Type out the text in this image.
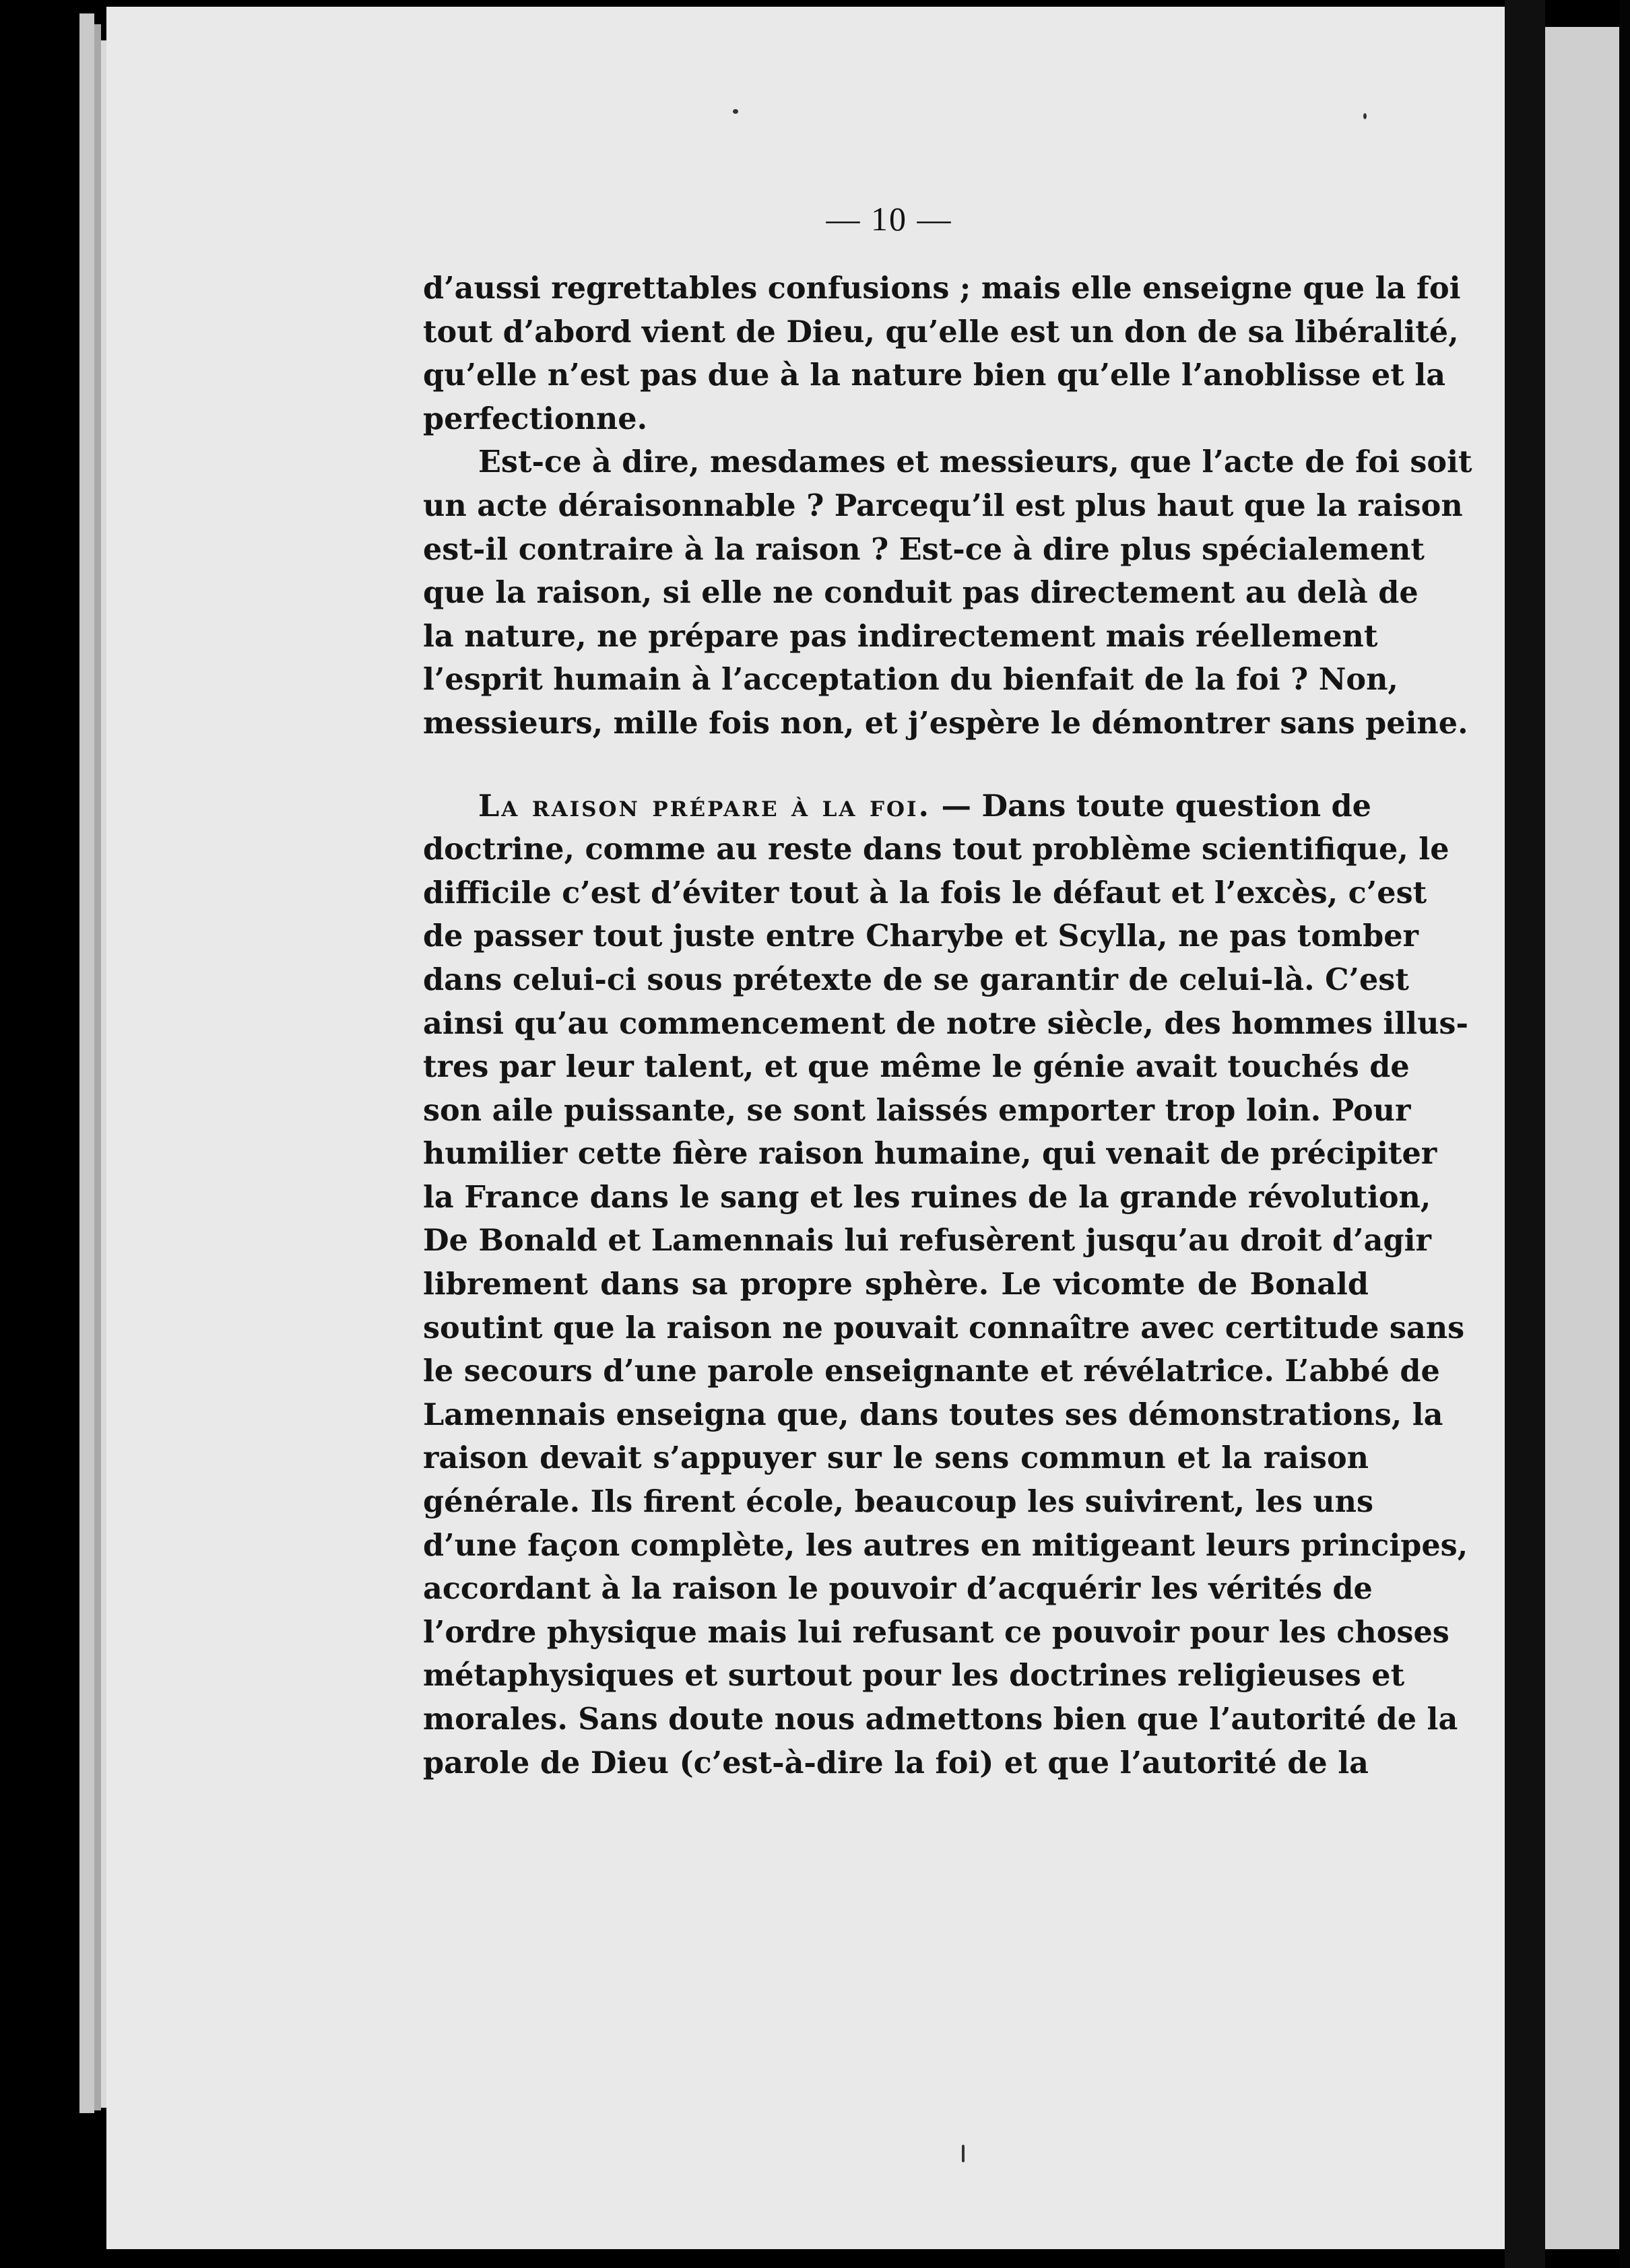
— 10 —
d’aussi regrettables confusions ; mais elle enseigne que la foi
tout d’abord vient de Dieu, qu’elle est un don de sa libéralité,
qu’elle n’est pas due à la nature bien qu’elle l’anoblisse et la
perfectionne.
Est-ce à dire, mesdames et messieurs, que l’acte de foi soit
un acte déraisonnable ? Parcequ’il est plus haut que la raison
est-il contraire à la raison ? Est-ce à dire plus spécialement
que la raison, si elle ne conduit pas directement au delà de
la nature, ne prépare pas indirectement mais réellement
l’esprit humain à l’acceptation du bienfait de la foi ? Non,
messieurs, mille fois non, et j’espère le démontrer sans peine.
La raison prépare à la foi. — Dans toute question de
doctrine, comme au reste dans tout problème scientifique, le
difficile c’est d’éviter tout à la fois le défaut et l’excès, c’est
de passer tout juste entre Charybe et Scylla, ne pas tomber
dans celui-ci sous prétexte de se garantir de celui-là. C’est
ainsi qu’au commencement de notre siècle, des hommes illus-
tres par leur talent, et que même le génie avait touchés de
son aile puissante, se sont laissés emporter trop loin. Pour
humilier cette fière raison humaine, qui venait de précipiter
la France dans le sang et les ruines de la grande révolution,
De Bonald et Lamennais lui refusèrent jusqu’au droit d’agir
librement dans sa propre sphère. Le vicomte de Bonald
soutint que la raison ne pouvait connaître avec certitude sans
le secours d’une parole enseignante et révélatrice. L’abbé de
Lamennais enseigna que, dans toutes ses démonstrations, la
raison devait s’appuyer sur le sens commun et la raison
générale. Ils firent école, beaucoup les suivirent, les uns
d’une façon complète, les autres en mitigeant leurs principes,
accordant à la raison le pouvoir d’acquérir les vérités de
l’ordre physique mais lui refusant ce pouvoir pour les choses
métaphysiques et surtout pour les doctrines religieuses et
morales. Sans doute nous admettons bien que l’autorité de la
parole de Dieu (c’est-à-dire la foi) et que l’autorité de la
